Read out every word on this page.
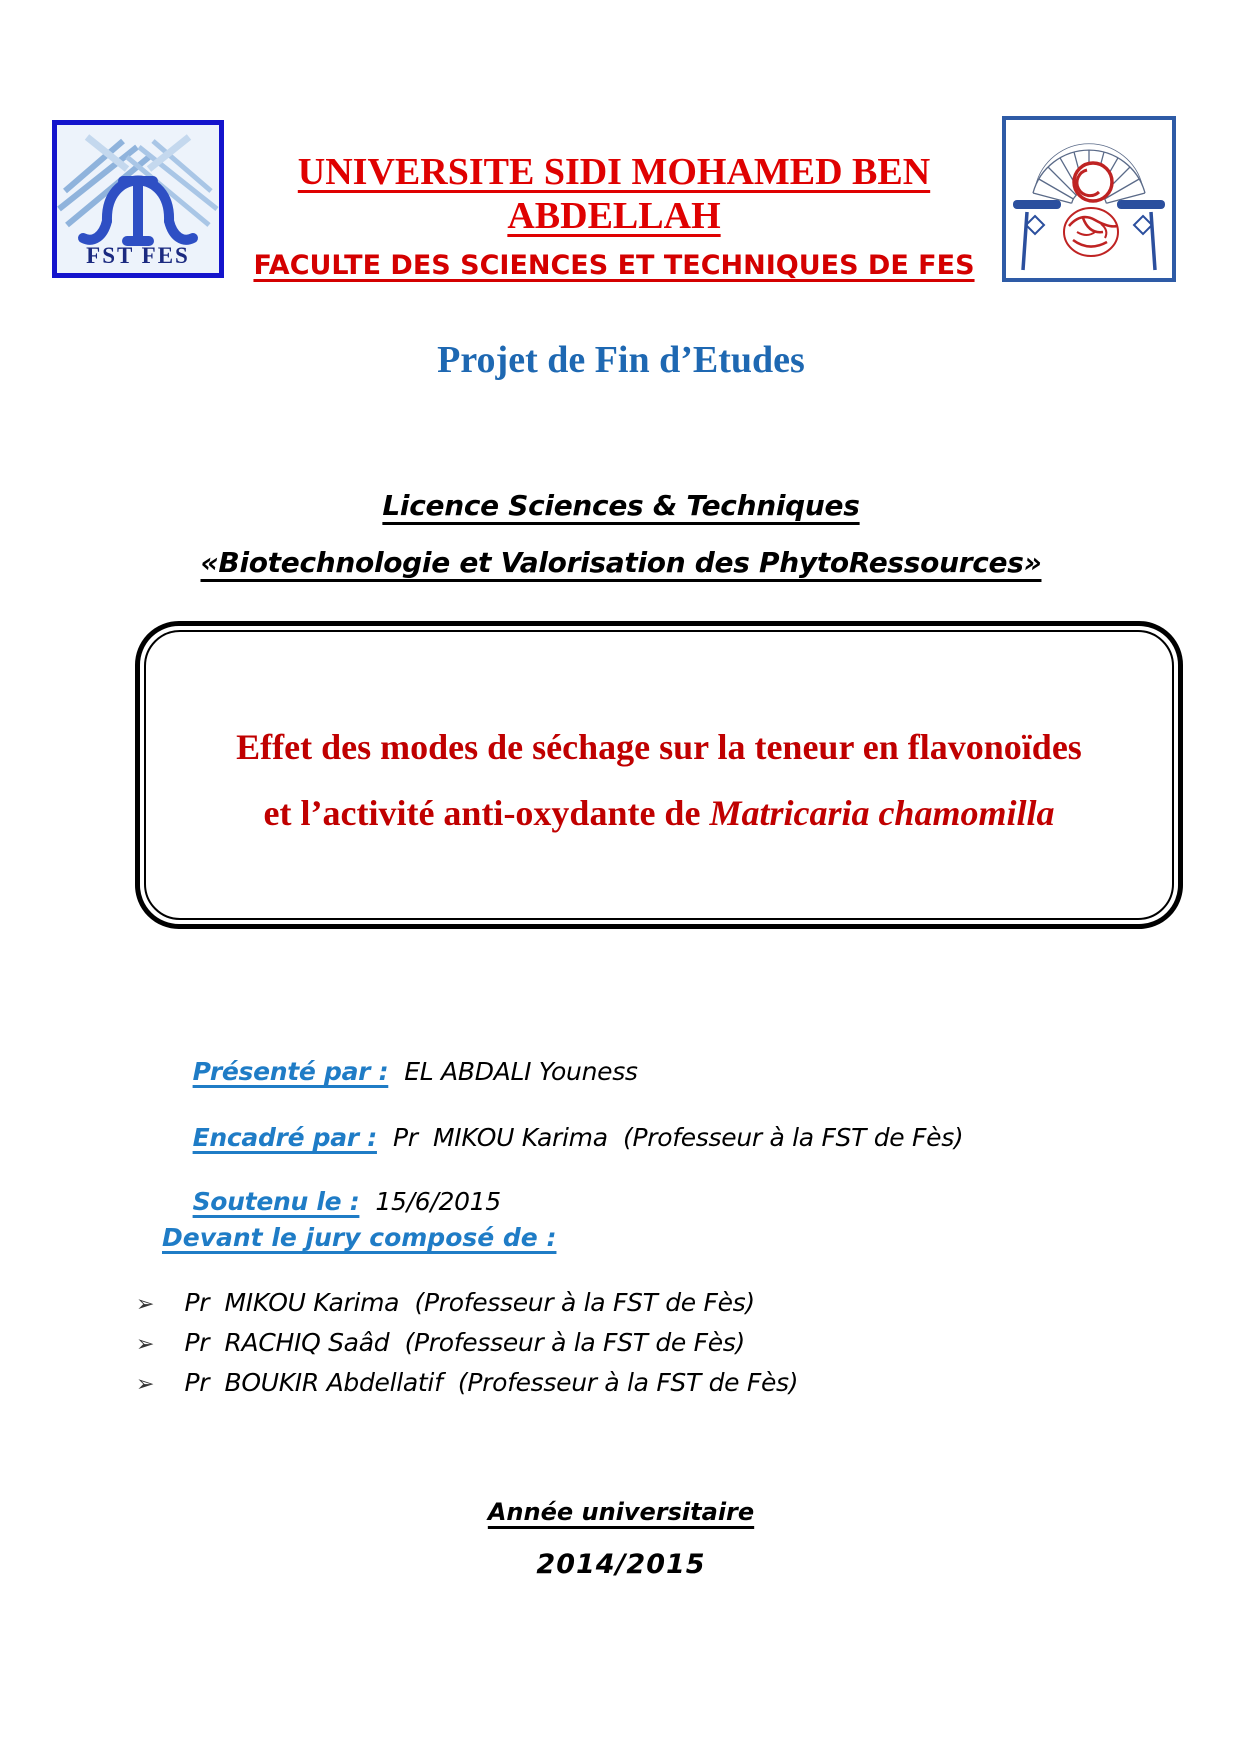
FST FES
UNIVERSITE SIDI MOHAMED BEN ABDELLAH
FACULTE DES SCIENCES ET TECHNIQUES DE FES
Projet de Fin d’Etudes
Licence Sciences & Techniques
«Biotechnologie et Valorisation des PhytoRessources»
Effet des modes de séchage sur la teneur en flavonoïdes
et l’activité anti-oxydante de Matricaria chamomilla

Présenté par : EL ABDALI Youness

Encadré par : Pr  MIKOU Karima  (Professeur à la FST de Fès)

Soutenu le : 15/6/2015

Devant le jury composé de :
➢ Pr  MIKOU Karima  (Professeur à la FST de Fès)
➢ Pr  RACHIQ Saâd  (Professeur à la FST de Fès)
➢ Pr  BOUKIR Abdellatif  (Professeur à la FST de Fès)
Année universitaire
2014/2015
